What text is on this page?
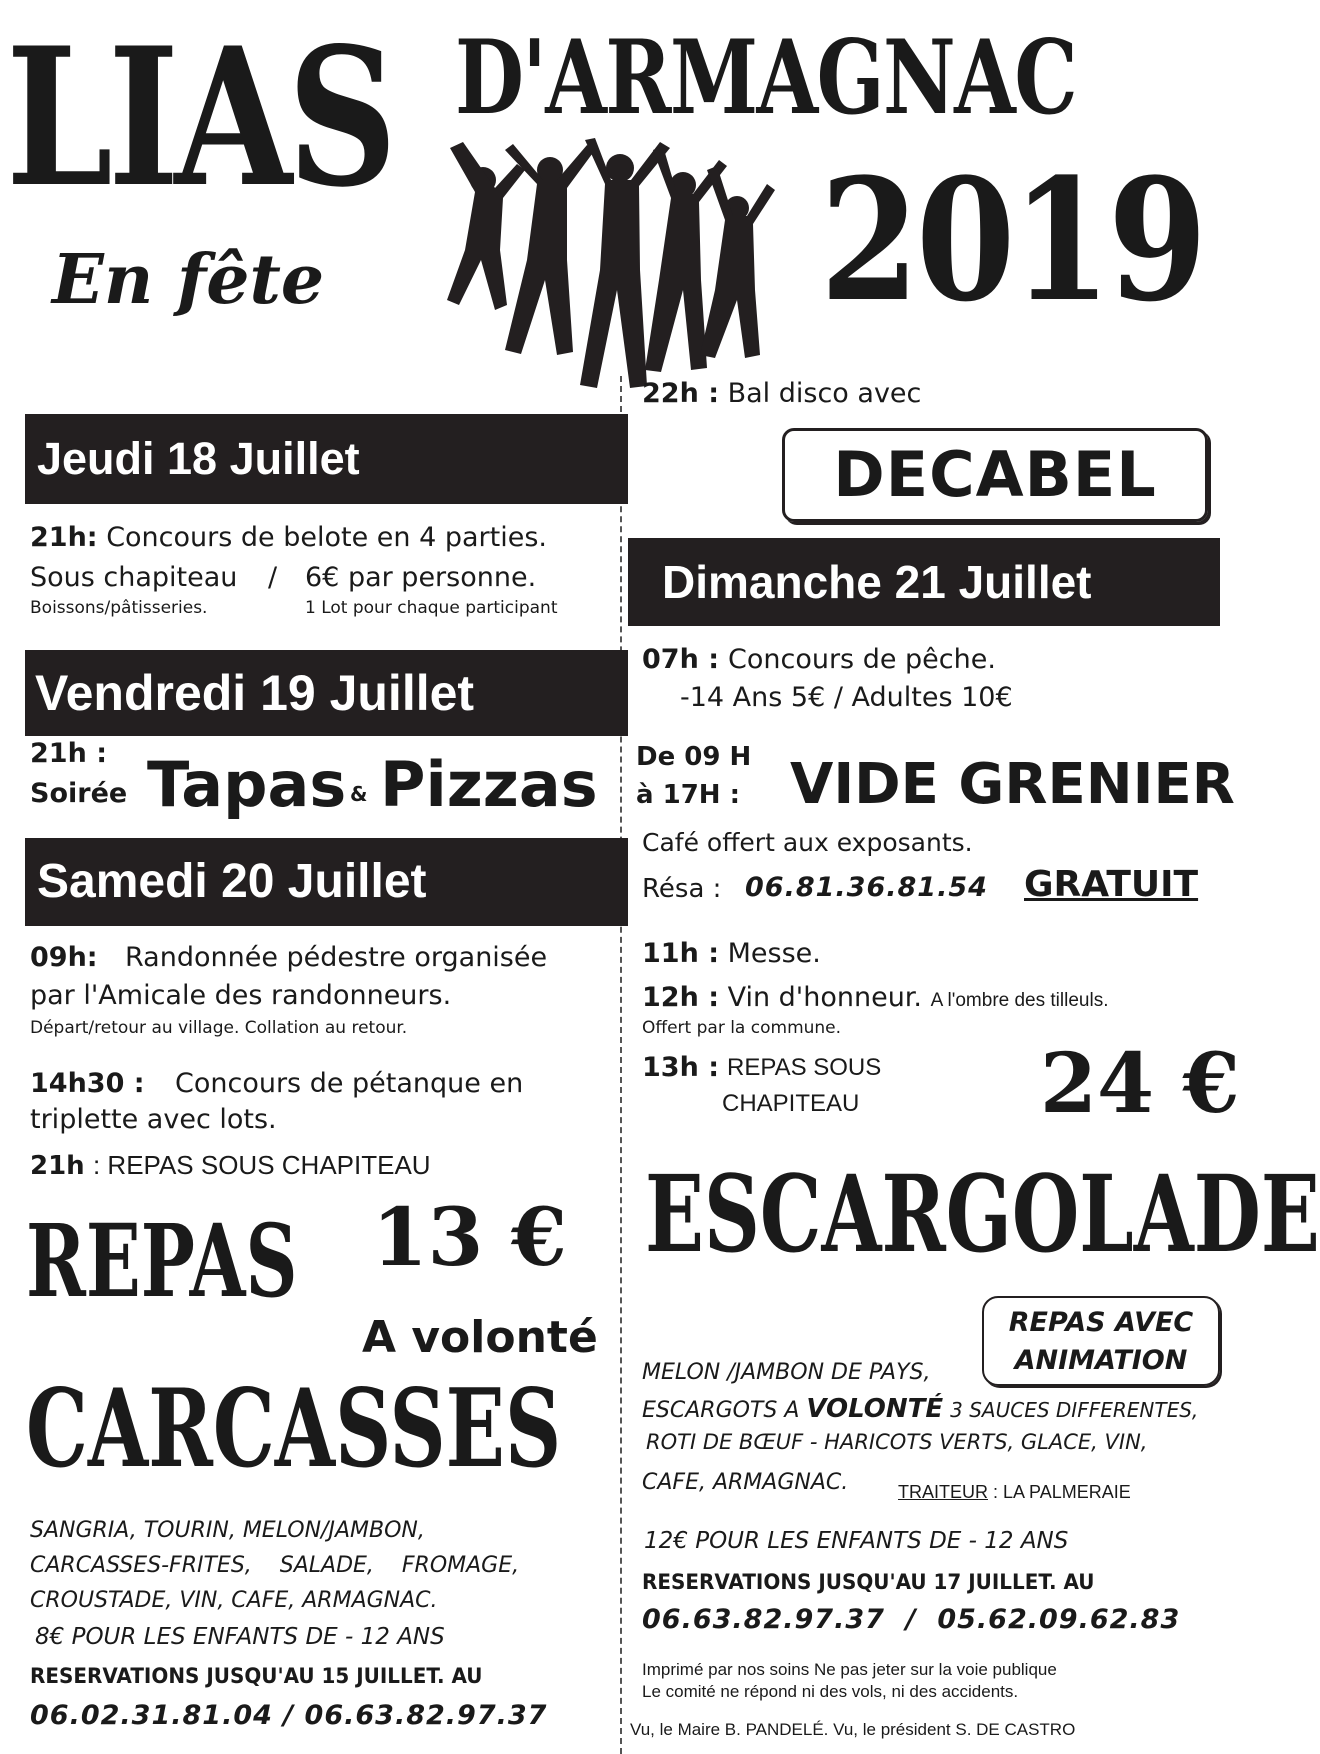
LIAS
En fête
D'ARMAGNAC
2019
Jeudi 18 Juillet
21h: Concours de belote en 4 parties.
Sous chapiteau / 6€ par personne.
Boissons/pâtisseries.	1 Lot pour chaque participant
Vendredi 19 Juillet
21h :
Soirée Tapas & Pizzas
Samedi 20 Juillet
09h: Randonnée pédestre organisée
par l'Amicale des randonneurs.
Départ/retour au village. Collation au retour.
14h30 : Concours de pétanque en
triplette avec lots.
21h : REPAS SOUS CHAPITEAU
REPAS 13 €
A volonté
CARCASSES
SANGRIA, TOURIN, MELON/JAMBON,
CARCASSES-FRITES,    SALADE,    FROMAGE,
CROUSTADE, VIN, CAFE, ARMAGNAC.
8€ POUR LES ENFANTS DE - 12 ANS
RESERVATIONS JUSQU'AU 15 JUILLET. AU
06.02.31.81.04 / 06.63.82.97.37
22h : Bal disco avec
DECABEL
Dimanche 21 Juillet
07h : Concours de pêche.
-14 Ans 5€ / Adultes 10€
De 09 H
à 17H : VIDE GRENIER
Café offert aux exposants.
Résa : 06.81.36.81.54 GRATUIT
11h : Messe.
12h : Vin d'honneur. A l'ombre des tilleuls.
Offert par la commune.
13h : REPAS SOUS
CHAPITEAU 24 €
ESCARGOLADE
REPAS AVEC
ANIMATION
MELON /JAMBON DE PAYS,
ESCARGOTS A VOLONTÉ 3 SAUCES DIFFERENTES,
ROTI DE BŒUF - HARICOTS VERTS, GLACE, VIN,
CAFE, ARMAGNAC.	TRAITEUR : LA PALMERAIE
12€ POUR LES ENFANTS DE - 12 ANS
RESERVATIONS JUSQU'AU 17 JUILLET. AU
06.63.82.97.37  /  05.62.09.62.83
Imprimé par nos soins Ne pas jeter sur la voie publique
Le comité ne répond ni des vols, ni des accidents.
Vu, le Maire B. PANDELÉ. Vu, le président S. DE CASTRO
